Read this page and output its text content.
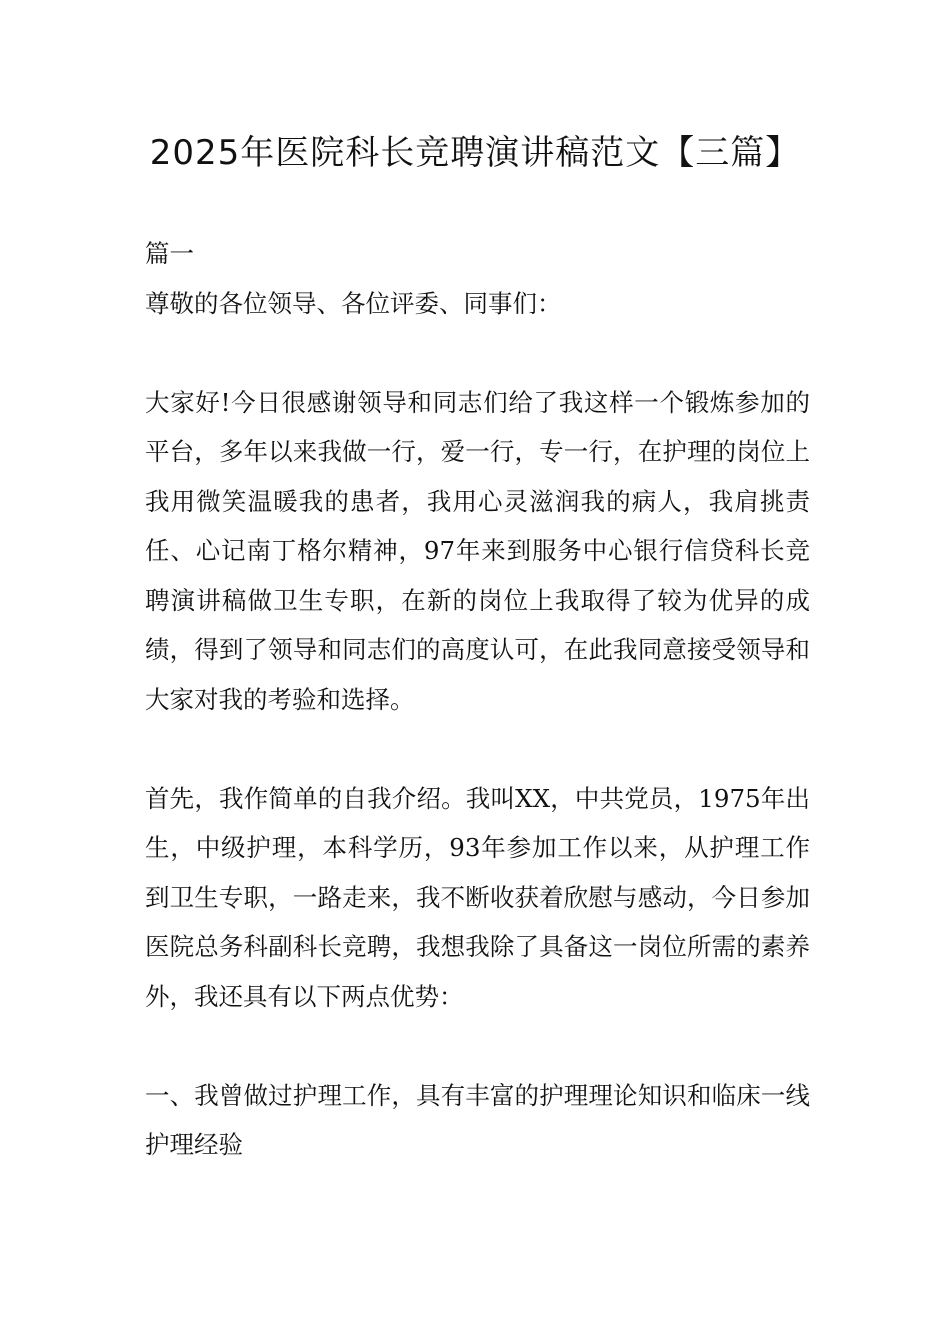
2025年医院科长竞聘演讲稿范文【三篇】

篇一

尊敬的各位领导、各位评委、同事们：

大家好!今日很感谢领导和同志们给了我这样一个锻炼参加的平台，多年以来我做一行，爱一行，专一行，在护理的岗位上我用微笑温暖我的患者，我用心灵滋润我的病人，我肩挑责任、心记南丁格尔精神，97年来到服务中心银行信贷科长竞聘演讲稿做卫生专职，在新的岗位上我取得了较为优异的成绩，得到了领导和同志们的高度认可，在此我同意接受领导和大家对我的考验和选择。

首先，我作简单的自我介绍。我叫XX，中共党员，1975年出生，中级护理，本科学历，93年参加工作以来，从护理工作到卫生专职，一路走来，我不断收获着欣慰与感动，今日参加医院总务科副科长竞聘，我想我除了具备这一岗位所需的素养外，我还具有以下两点优势：

一、我曾做过护理工作，具有丰富的护理理论知识和临床一线护理经验
